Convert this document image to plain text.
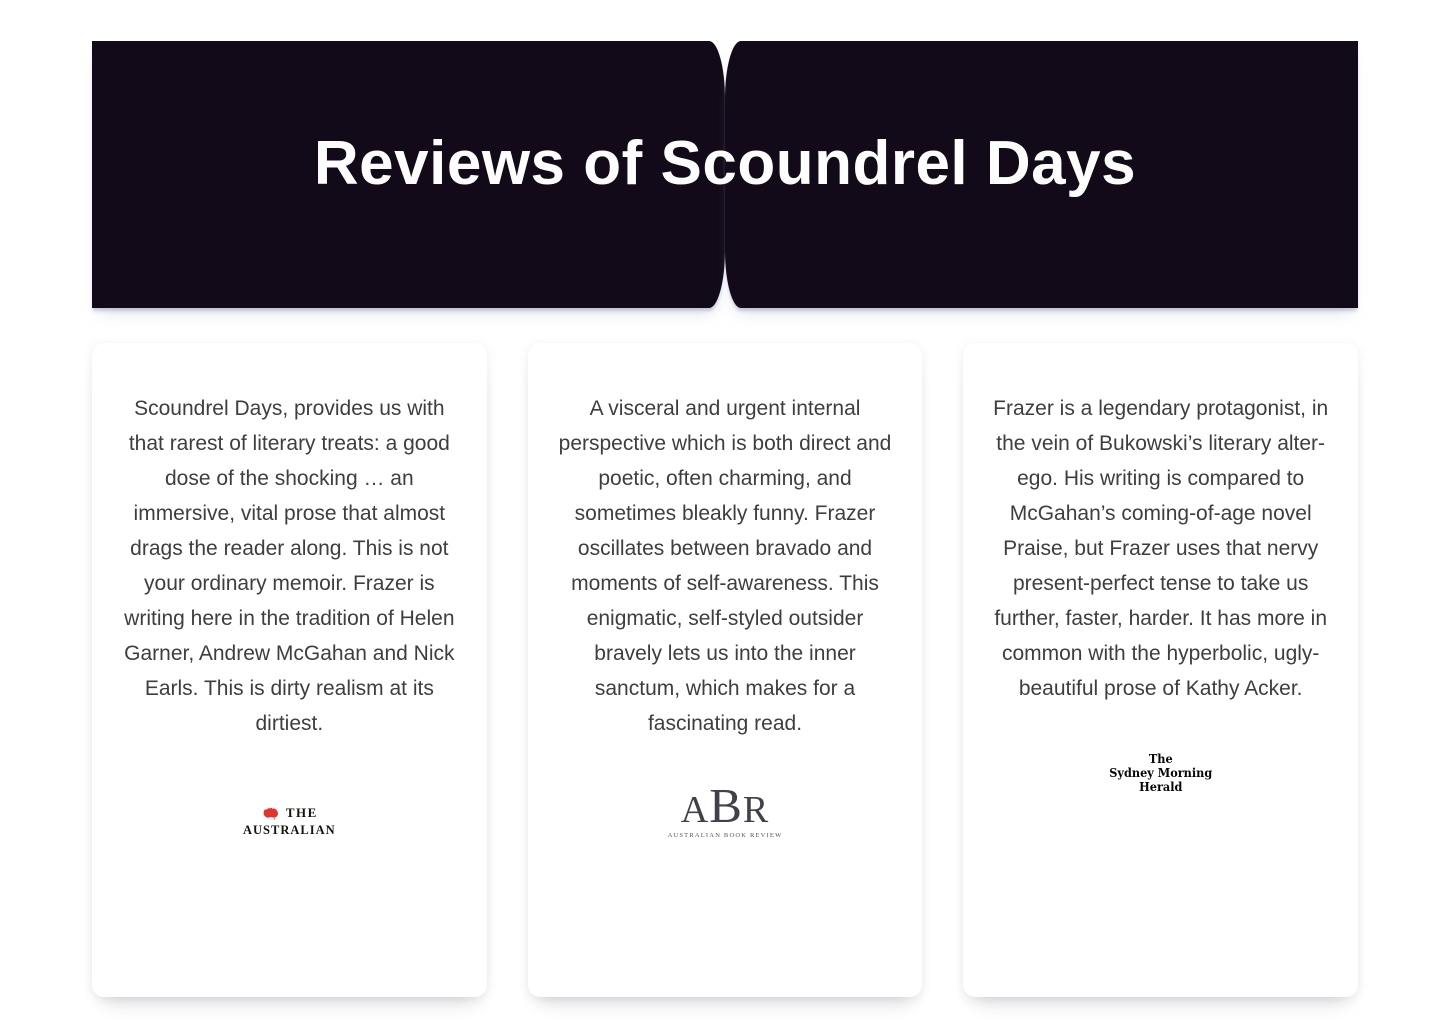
Reviews of Scoundrel Days

Scoundrel Days, provides us with that rarest of literary treats: a good dose of the shocking … an immersive, vital prose that almost drags the reader along. This is not your ordinary memoir. Frazer is writing here in the tradition of Helen Garner, Andrew McGahan and Nick Earls. This is dirty realism at its dirtiest.

THE
AUSTRALIAN

A visceral and urgent internal perspective which is both direct and poetic, often charming, and sometimes bleakly funny. Frazer oscillates between bravado and moments of self-awareness. This enigmatic, self-styled outsider bravely lets us into the inner sanctum, which makes for a fascinating read.

ABR
AUSTRALIAN BOOK REVIEW

Frazer is a legendary protagonist, in the vein of Bukowski’s literary alter-ego. His writing is compared to McGahan’s coming-of-age novel Praise, but Frazer uses that nervy present-perfect tense to take us further, faster, harder. It has more in common with the hyperbolic, ugly-beautiful prose of Kathy Acker.

The
Sydney Morning
Herald
